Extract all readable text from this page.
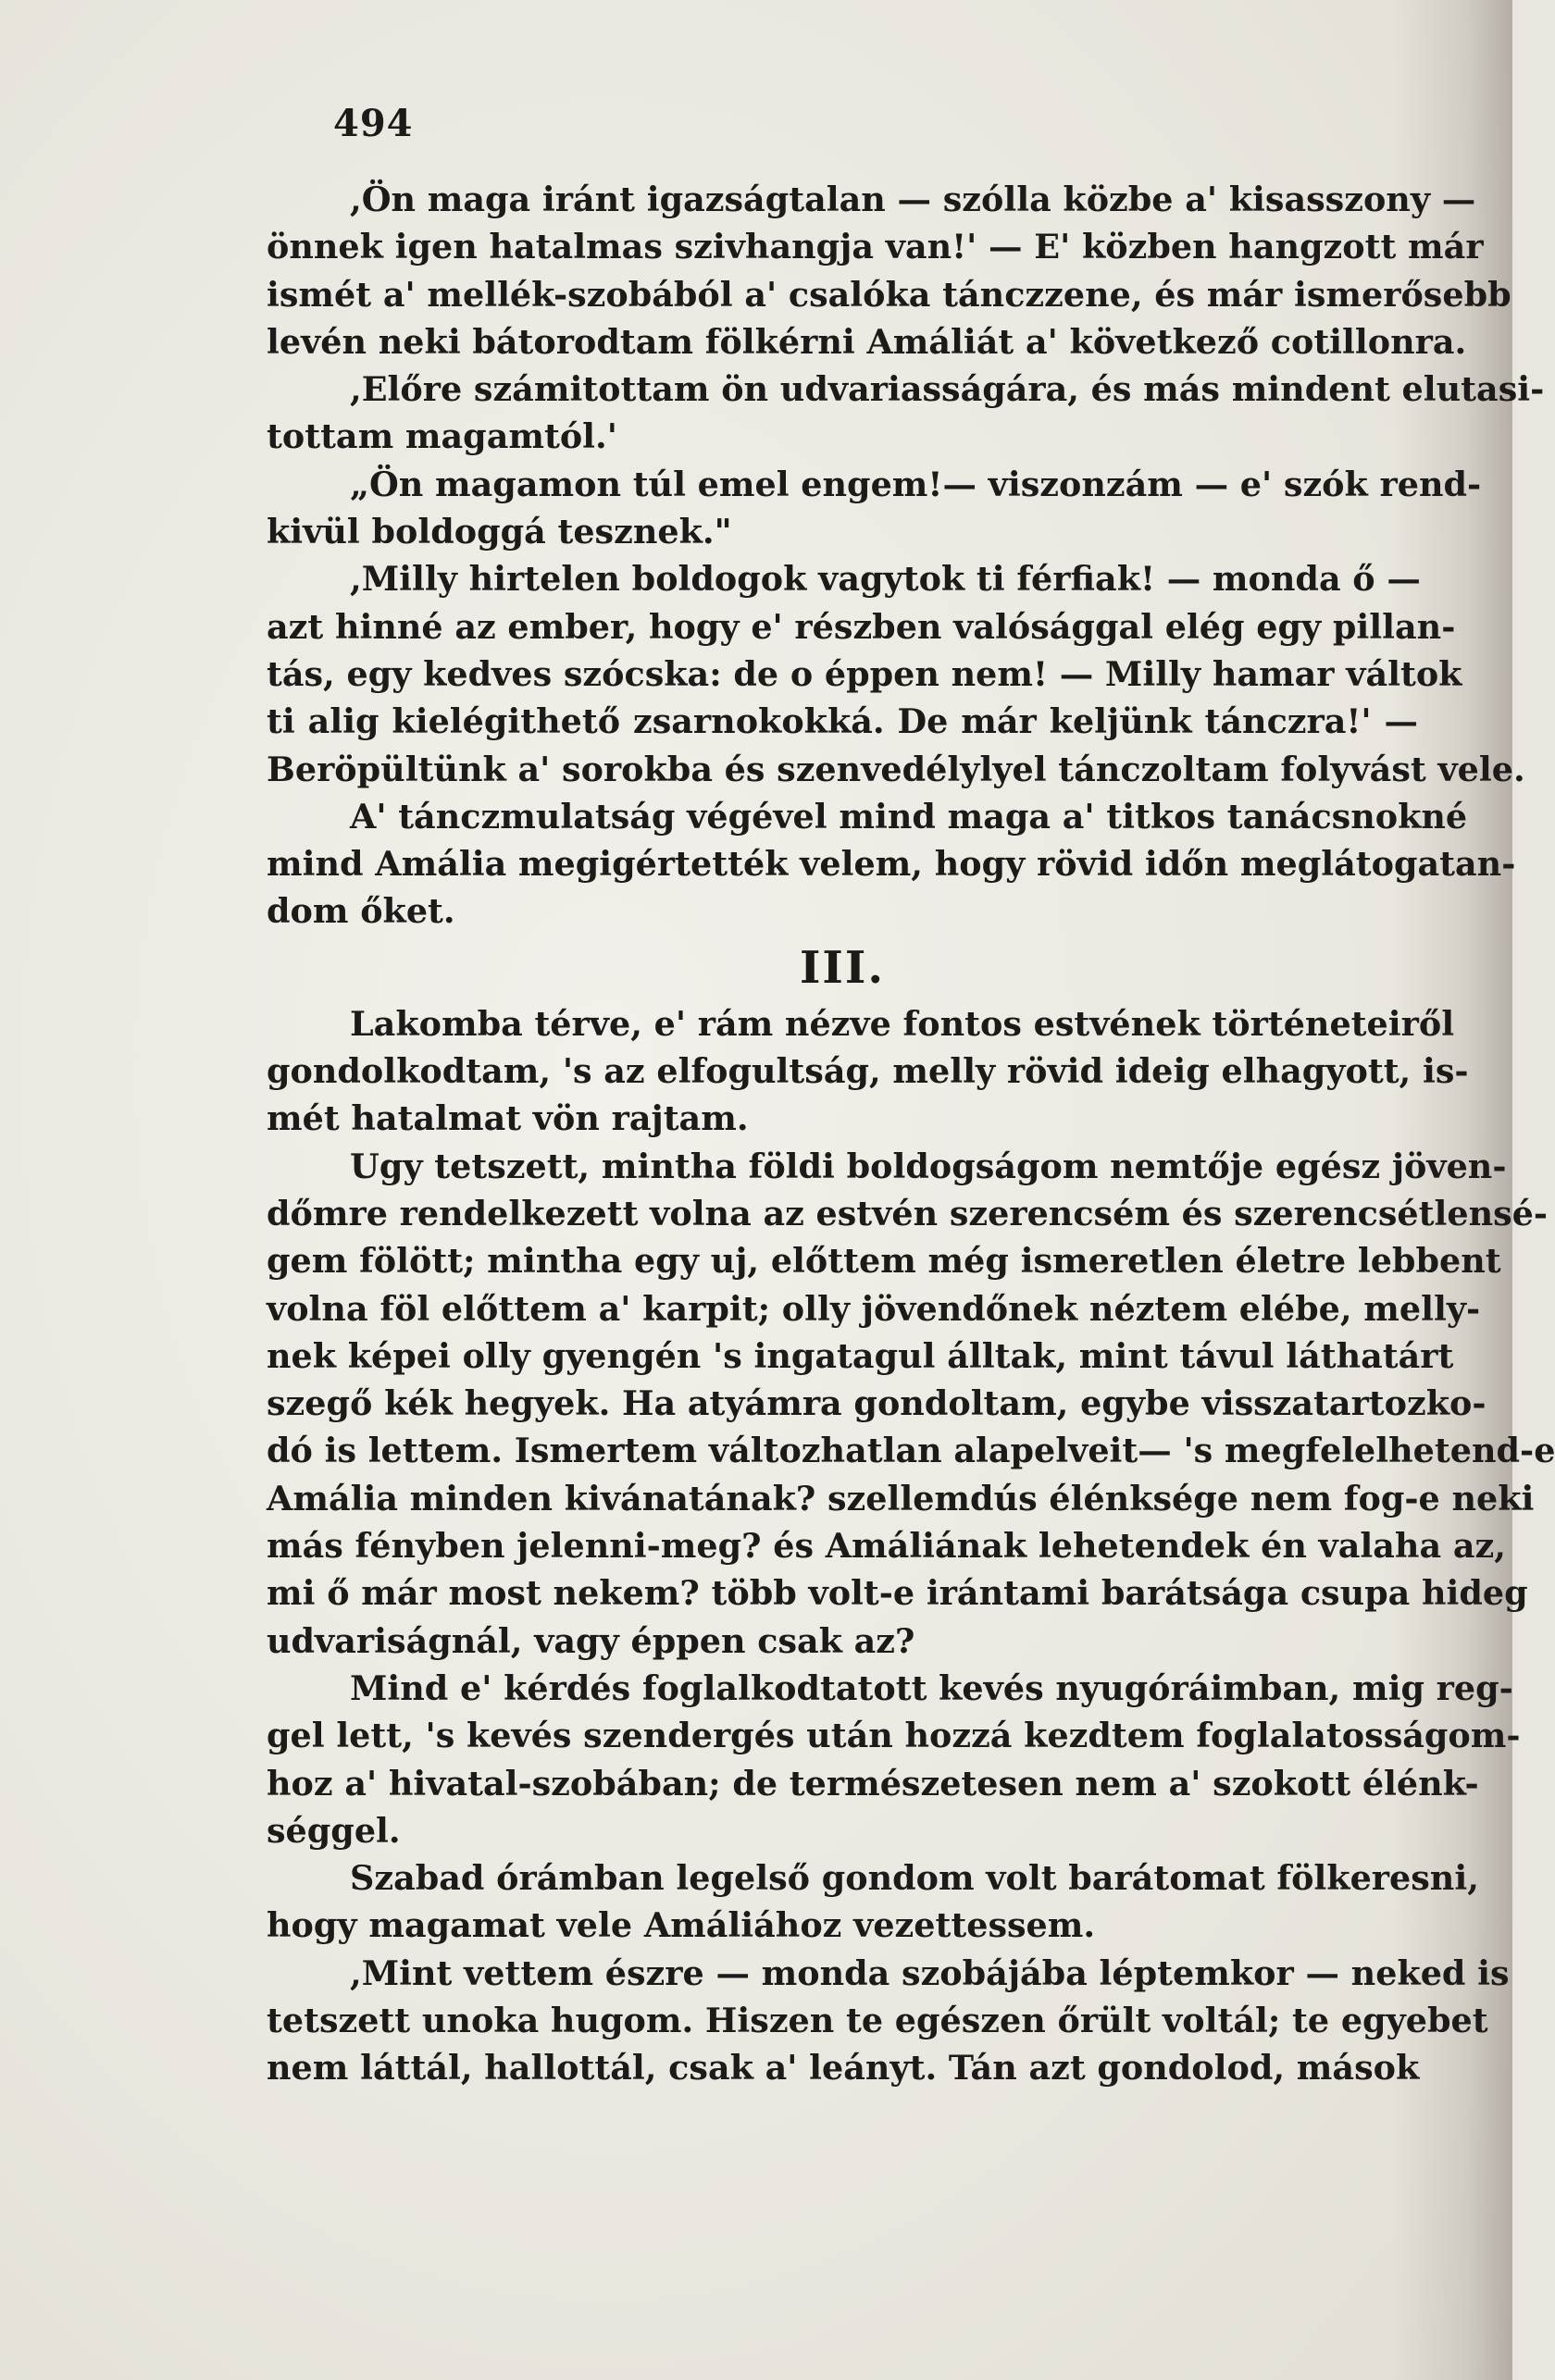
494
,Ön maga iránt igazságtalan — szólla közbe a' kisasszony —
önnek igen hatalmas szivhangja van!' — E' közben hangzott már
ismét a' mellék-szobából a' csalóka tánczzene, és már ismerősebb
levén neki bátorodtam fölkérni Amáliát a' következő cotillonra.
,Előre számitottam ön udvariasságára, és más mindent elutasi-
tottam magamtól.'
„Ön magamon túl emel engem!— viszonzám — e' szók rend-
kivül boldoggá tesznek."
,Milly hirtelen boldogok vagytok ti férfiak! — monda ő —
azt hinné az ember, hogy e' részben valósággal elég egy pillan-
tás, egy kedves szócska: de o éppen nem! — Milly hamar váltok
ti alig kielégithető zsarnokokká. De már keljünk tánczra!' —
Beröpültünk a' sorokba és szenvedélylyel tánczoltam folyvást vele.
A' tánczmulatság végével mind maga a' titkos tanácsnokné
mind Amália megigértették velem, hogy rövid időn meglátogatan-
dom őket.
III.
Lakomba térve, e' rám nézve fontos estvének történeteiről
gondolkodtam, 's az elfogultság, melly rövid ideig elhagyott, is-
mét hatalmat vön rajtam.
Ugy tetszett, mintha földi boldogságom nemtője egész jöven-
dőmre rendelkezett volna az estvén szerencsém és szerencsétlensé-
gem fölött; mintha egy uj, előttem még ismeretlen életre lebbent
volna föl előttem a' karpit; olly jövendőnek néztem elébe, melly-
nek képei olly gyengén 's ingatagul álltak, mint távul láthatárt
szegő kék hegyek. Ha atyámra gondoltam, egybe visszatartozko-
dó is lettem. Ismertem változhatlan alapelveit— 's megfelelhetend-e
Amália minden kivánatának? szellemdús élénksége nem fog-e neki
más fényben jelenni-meg? és Amáliának lehetendek én valaha az,
mi ő már most nekem? több volt-e irántami barátsága csupa hideg
udvariságnál, vagy éppen csak az?
Mind e' kérdés foglalkodtatott kevés nyugóráimban, mig reg-
gel lett, 's kevés szendergés után hozzá kezdtem foglalatosságom-
hoz a' hivatal-szobában; de természetesen nem a' szokott élénk-
séggel.
Szabad órámban legelső gondom volt barátomat fölkeresni,
hogy magamat vele Amáliához vezettessem.
,Mint vettem észre — monda szobájába léptemkor — neked is
tetszett unoka hugom. Hiszen te egészen őrült voltál; te egyebet
nem láttál, hallottál, csak a' leányt. Tán azt gondolod, mások
